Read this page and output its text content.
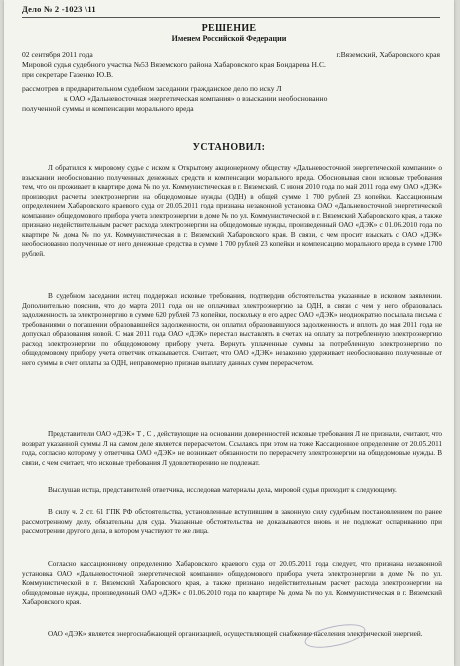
Дело № 2 -1023 \11
РЕШЕНИЕ
Именем Российской Федерации
02 сентября 2011 года	г.Вяземский, Хабаровского края
Мировой судья судебного участка №53 Вяземского района Хабаровского края Бондарева Н.С.
при секретаре Газенко Ю.В.
рассмотрев в предварительном судебном заседании гражданское дело по иску Л
к ОАО «Дальневосточная энергетическая компания» о взыскании необоснованно
полученной суммы и компенсации морального вреда
УСТАНОВИЛ:
Л обратился к мировому судье с иском к Открытому акционерному обществу «Дальневосточной энергетической компании» о взыскании необоснованно полученных денежных средств и компенсации морального вреда. Обосновывая свои исковые требования тем, что он проживает в квартире дома № по ул. Коммунистическая в г. Вяземский. С июня 2010 года по май 2011 года ему ОАО «ДЭК» производил расчеты электроэнергии на общедомовые нужды (ОДН) в общей сумме 1 700 рублей 23 копейки. Кассационным определением Хабаровского краевого суда от 20.05.2011 года признана незаконной установка ОАО «Дальневосточной энергетической компании» общедомового прибора учета электроэнергии в доме № по ул. Коммунистической в г. Вяземский Хабаровского края, а также признано недействительным расчет расхода электроэнергии на общедомовые нужды, произведенный ОАО «ДЭК» с 01.06.2010 года по квартире № дома № по ул. Коммунистическая в г. Вяземский Хабаровского края. В связи, с чем просит взыскать с ОАО «ДЭК» необоснованно полученные от него денежные средства в сумме 1 700 рублей 23 копейки и компенсацию морального вреда в сумме 1700 рублей.
В судебном заседании истец поддержал исковые требования, подтвердив обстоятельства указанные в исковом заявлении. Дополнительно пояснив, что до марта 2011 года он не оплачивал электроэнергию за ОДН, в связи с чем у него образовалась задолженность за электроэнергию в сумме 620 рублей 73 копейки, поскольку в его адрес ОАО «ДЭК» неоднократно посылала письма с требованиями о погашении образовавшейся задолженности, он оплатил образовавшуюся задолженность и вплоть до мая 2011 года не допускал образования новой. С мая 2011 года ОАО «ДЭК» перестал выставлять в счетах на оплату за потребленную электроэнергию расход электроэнергии по общедомовому прибору учета. Вернуть уплаченные суммы за потребленную электроэнергию по общедомовому прибору учета ответчик отказывается. Считает, что ОАО «ДЭК» незаконно удерживает необоснованно полученные от него суммы в счет оплаты за ОДН, неправомерно признав выплату данных сумм перерасчетом.
Представители ОАО «ДЭК» Т , С , действующие на основании доверенностей исковые требования Л не признали, считают, что возврат указанной суммы Л на самом деле является перерасчетом. Ссылаясь при этом на тоже Кассационное определение от 20.05.2011 года, согласно которому у ответчика ОАО «ДЭК» не возникает обязанности по перерасчету электроэнергии на общедомовые нужды. В связи, с чем считает, что исковые требования Л удовлетворению не подлежат.
Выслушав истца, представителей ответчика, исследовав материалы дела, мировой судья приходит к следующему.
В силу ч. 2 ст. 61 ГПК РФ обстоятельства, установленные вступившим в законную силу судебным постановлением по ранее рассмотренному делу, обязательны для суда. Указанные обстоятельства не доказываются вновь и не подлежат оспариванию при рассмотрении другого дела, в котором участвуют те же лица.
Согласно кассационному определению Хабаровского краевого суда от 20.05.2011 года следует, что признана незаконной установка ОАО «Дальневосточной энергетической компании» общедомового прибора учета электроэнергии в доме № по ул. Коммунистической в г. Вяземский Хабаровского края, а также признано недействительным расчет расхода электроэнергии на общедомовые нужды, произведенный ОАО «ДЭК» с 01.06.2010 года по квартире № дома № по ул. Коммунистическая в г. Вяземский Хабаровского края.
ОАО «ДЭК» является энергоснабжающей организацией, осуществляющей снабжение населения электрической энергией.
